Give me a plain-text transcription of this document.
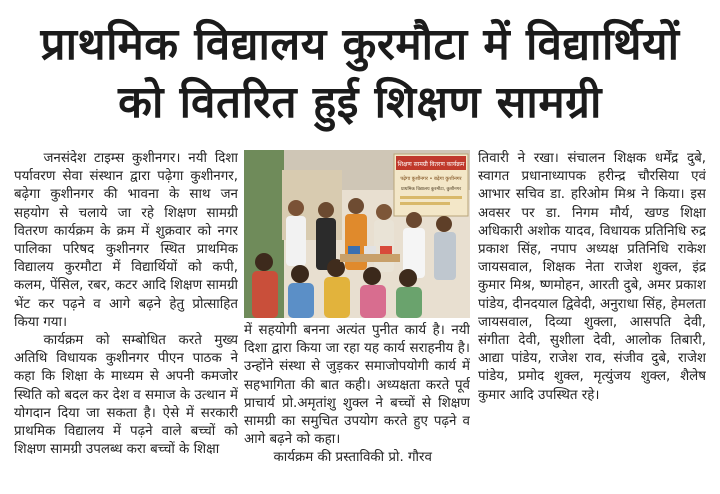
प्राथमिक विद्यालय कुरमौटा में विद्यार्थियों
को वितरित हुई शिक्षण सामग्री

जनसंदेश टाइम्स कुशीनगर। नयी दिशा पर्यावरण सेवा संस्थान द्वारा पढ़ेगा कुशीनगर, बढ़ेगा कुशीनगर की भावना के साथ जन सहयोग से चलाये जा रहे शिक्षण सामग्री वितरण कार्यक्रम के क्रम में शुक्रवार को नगर पालिका परिषद कुशीनगर स्थित प्राथमिक विद्यालय कुरमौटा में विद्यार्थियों को कपी, कलम, पेंसिल, रबर, कटर आदि शिक्षण सामग्री भेंट कर पढ़ने व आगे बढ़ने हेतु प्रोत्साहित किया गया।

कार्यक्रम को सम्बोधित करते मुख्य अतिथि विधायक कुशीनगर पीएन पाठक ने कहा कि शिक्षा के माध्यम से अपनी कमजोर स्थिति को बदल कर देश व समाज के उत्थान में योगदान दिया जा सकता है। ऐसे में सरकारी प्राथमिक विद्यालय में पढ़ने वाले बच्चों को शिक्षण सामग्री उपलब्ध करा बच्चों के शिक्षा

शिक्षण सामग्री वितरण कार्यक्रम
पढ़ेगा कुशीनगर • बढ़ेगा कुशीनगर
प्राथमिक विद्यालय कुरमौटा, कुशीनगर

में सहयोगी बनना अत्यंत पुनीत कार्य है। नयी दिशा द्वारा किया जा रहा यह कार्य सराहनीय है। उन्होंने संस्था से जुड़कर समाजोपयोगी कार्य में सहभागिता की बात कही। अध्यक्षता करते पूर्व प्राचार्य प्रो.अमृतांशु शुक्ल ने बच्चों से शिक्षण सामग्री का समुचित उपयोग करते हुए पढ़ने व आगे बढ़ने को कहा।

कार्यक्रम की प्रस्ताविकी प्रो. गौरव

तिवारी ने रखा। संचालन शिक्षक धर्मेंद्र दुबे, स्वागत प्रधानाध्यापक हरीन्द्र चौरसिया एवं आभार सचिव डा. हरिओम मिश्र ने किया। इस अवसर पर डा. निगम मौर्य, खण्ड शिक्षा अधिकारी अशोक यादव, विधायक प्रतिनिधि रुद्र प्रकाश सिंह, नपाप अध्यक्ष प्रतिनिधि राकेश जायसवाल, शिक्षक नेता राजेश शुक्ल, इंद्र कुमार मिश्र, ष्णमोहन, आरती दुबे, अमर प्रकाश पांडेय, दीनदयाल द्विवेदी, अनुराधा सिंह, हेमलता जायसवाल, दिव्या शुक्ला, आसपति देवी, संगीता देवी, सुशीला देवी, आलोक तिबारी, आद्या पांडेय, राजेश राव, संजीव दुबे, राजेश पांडेय, प्रमोद शुक्ल, मृत्युंजय शुक्ल, शैलेष कुमार आदि उपस्थित रहे।
